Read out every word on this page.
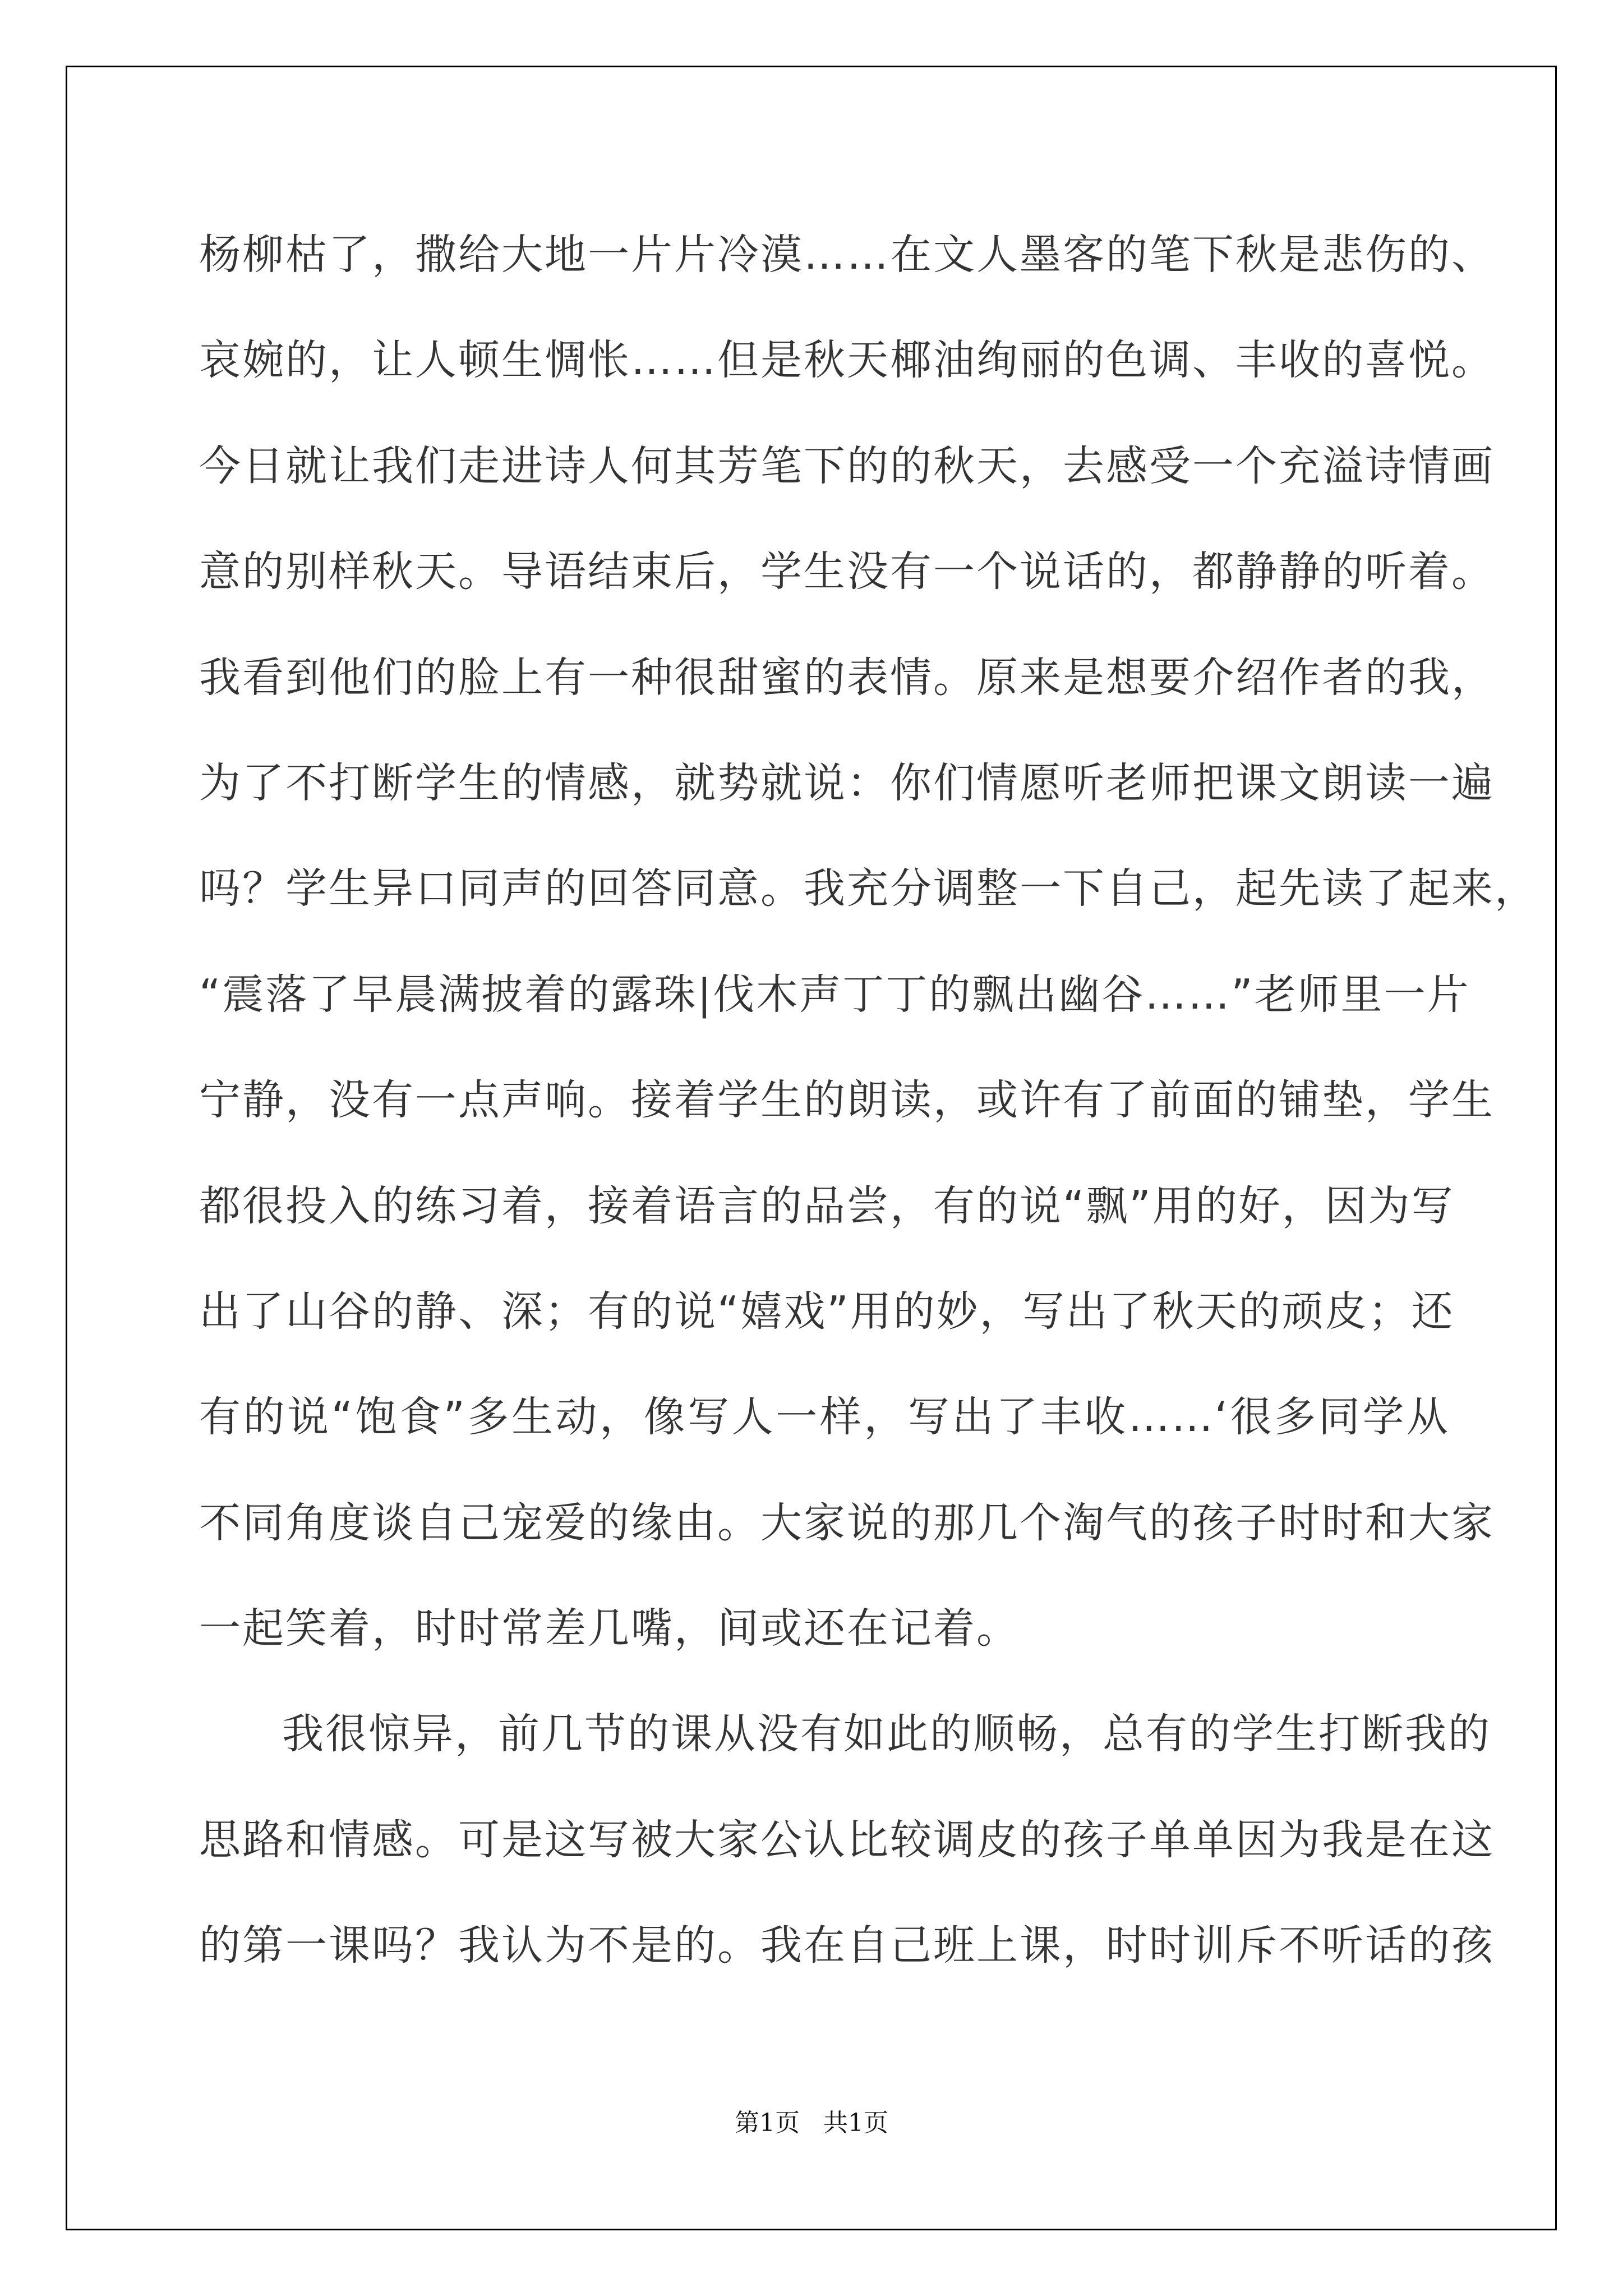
杨柳枯了，撒给大地一片片冷漠……在文人墨客的笔下秋是悲伤的、
哀婉的，让人顿生惆怅……但是秋天椰油绚丽的色调、丰收的喜悦。
今日就让我们走进诗人何其芳笔下的的秋天，去感受一个充溢诗情画
意的别样秋天。导语结束后，学生没有一个说话的，都静静的听着。
我看到他们的脸上有一种很甜蜜的表情。原来是想要介绍作者的我，
为了不打断学生的情感，就势就说：你们情愿听老师把课文朗读一遍
吗？学生异口同声的回答同意。我充分调整一下自己，起先读了起来，
“震落了早晨满披着的露珠|伐木声丁丁的飘出幽谷……”老师里一片
宁静，没有一点声响。接着学生的朗读，或许有了前面的铺垫，学生
都很投入的练习着，接着语言的品尝，有的说“飘”用的好，因为写
出了山谷的静、深；有的说“嬉戏”用的妙，写出了秋天的顽皮；还
有的说“饱食”多生动，像写人一样，写出了丰收……‘很多同学从
不同角度谈自己宠爱的缘由。大家说的那几个淘气的孩子时时和大家
一起笑着，时时常差几嘴，间或还在记着。
我很惊异，前几节的课从没有如此的顺畅，总有的学生打断我的
思路和情感。可是这写被大家公认比较调皮的孩子单单因为我是在这
的第一课吗？我认为不是的。我在自己班上课，时时训斥不听话的孩
第1页 共1页
